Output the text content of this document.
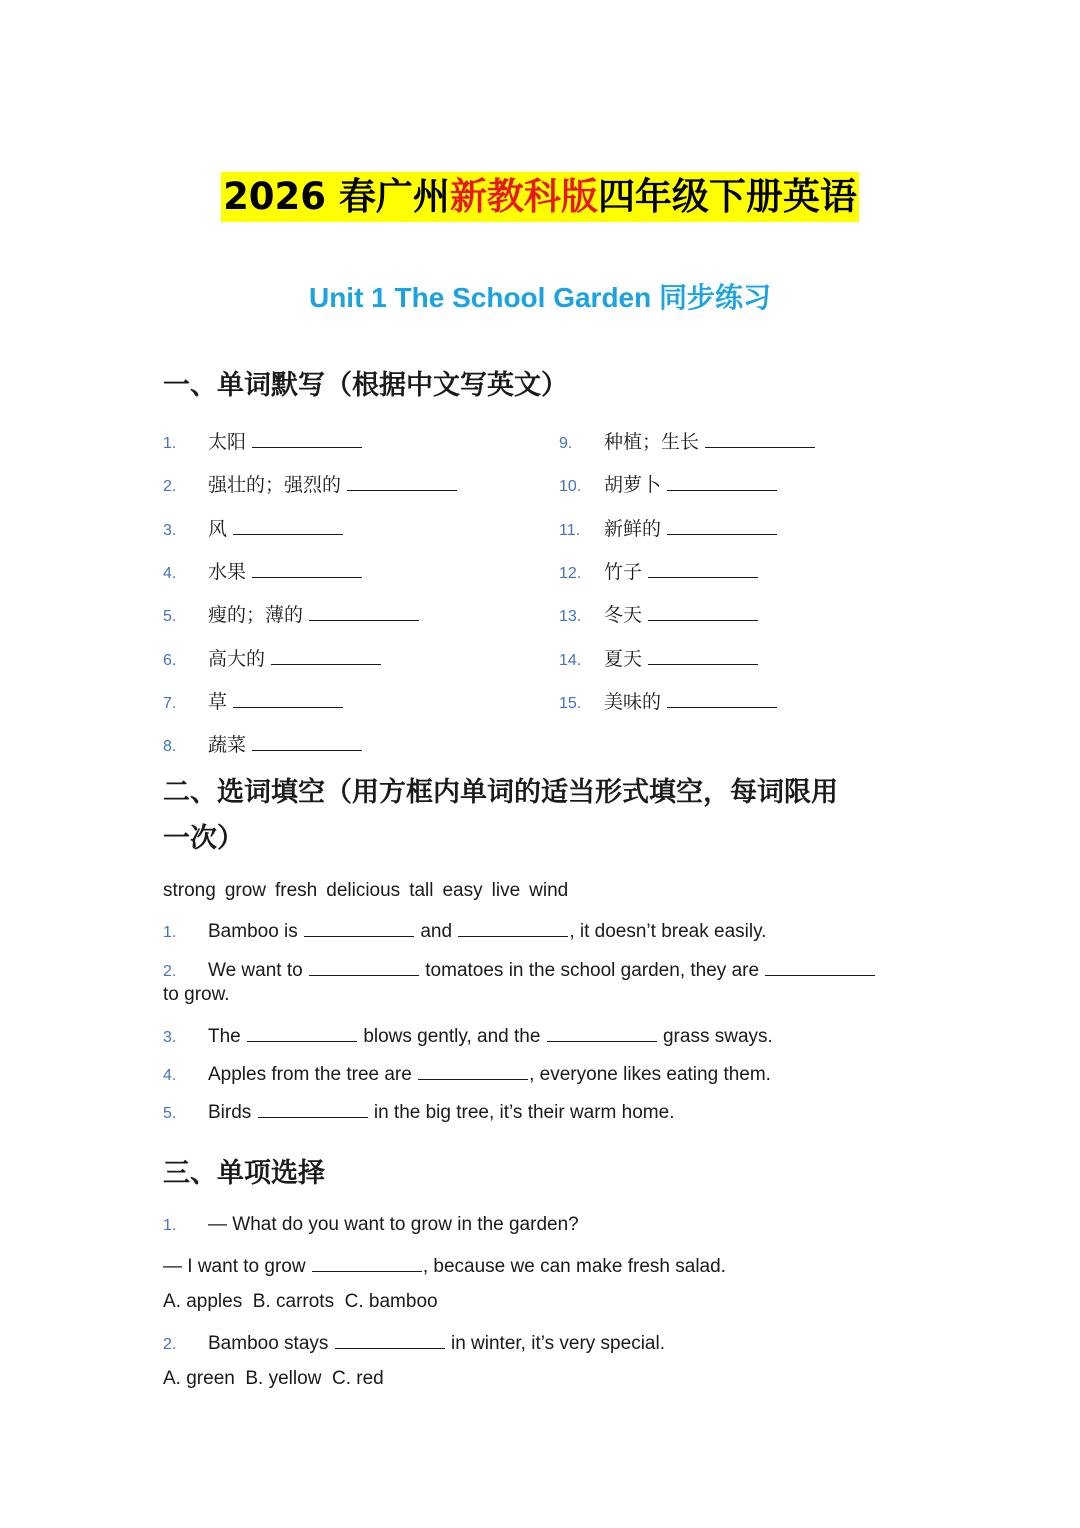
2026 春广州新教科版四年级下册英语
Unit 1 The School Garden 同步练习
一、单词默写（根据中文写英文）
1. 太阳
2. 强壮的；强烈的
3. 风
4. 水果
5. 瘦的；薄的
6. 高大的
7. 草
8. 蔬菜
9. 种植；生长
10. 胡萝卜
11. 新鲜的
12. 竹子
13. 冬天
14. 夏天
15. 美味的
二、选词填空（用方框内单词的适当形式填空，每词限用
一次）
strong grow fresh delicious tall easy live wind
1. Bamboo is	and	, it doesn’t break easily.
2. We want to	tomatoes in the school garden, they are
to grow.
3. The	blows gently, and the	grass sways.
4. Apples from the tree are	, everyone likes eating them.
5. Birds	in the big tree, it’s their warm home.
三、单项选择
1. — What do you want to grow in the garden?
— I want to grow	, because we can make fresh salad.
A. apples  B. carrots  C. bamboo
2. Bamboo stays	in winter, it’s very special.
A. green  B. yellow  C. red
